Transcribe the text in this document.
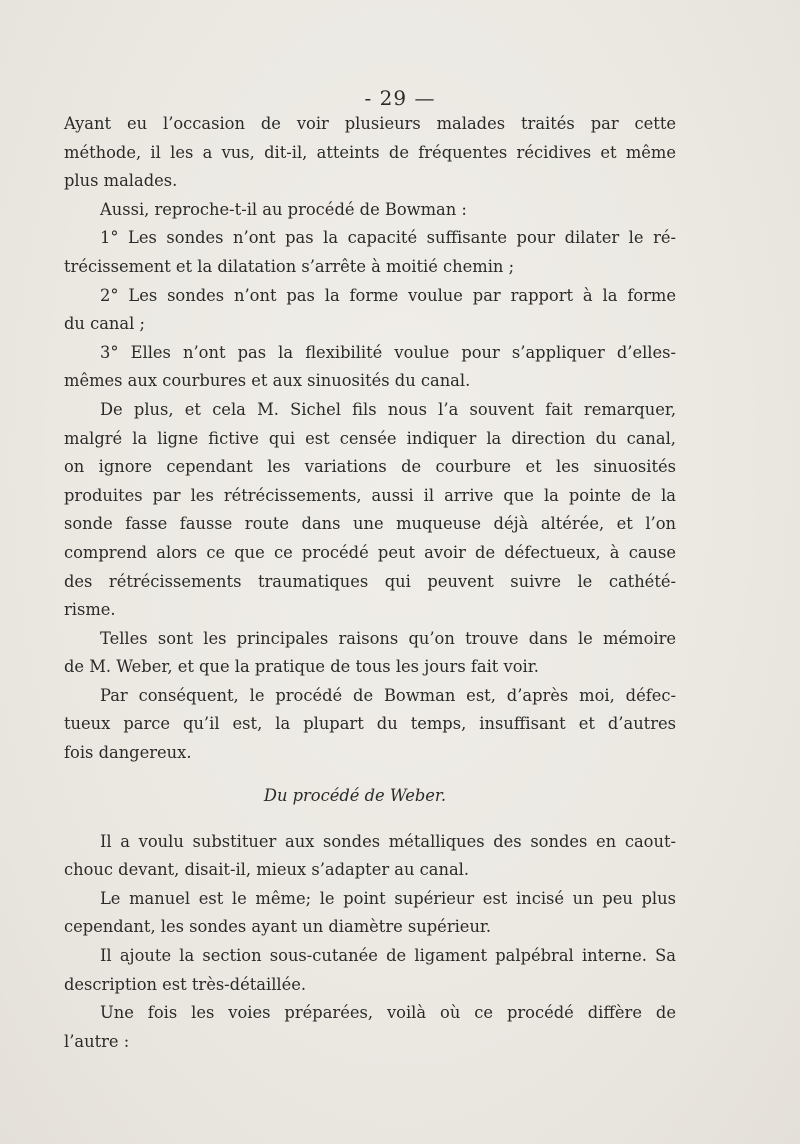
- 29 —
Ayant eu l’occasion de voir plusieurs malades traités par cette
méthode, il les a vus, dit-il, atteints de fréquentes récidives et même
plus malades.
Aussi, reproche-t-il au procédé de Bowman :
1° Les sondes n’ont pas la capacité suffisante pour dilater le ré-
trécissement et la dilatation s’arrête à moitié chemin ;
2° Les sondes n’ont pas la forme voulue par rapport à la forme
du canal ;
3° Elles n’ont pas la flexibilité voulue pour s’appliquer d’elles-
mêmes aux courbures et aux sinuosités du canal.
De plus, et cela M. Sichel fils nous l’a souvent fait remarquer,
malgré la ligne fictive qui est censée indiquer la direction du canal,
on ignore cependant les variations de courbure et les sinuosités
produites par les rétrécissements, aussi il arrive que la pointe de la
sonde fasse fausse route dans une muqueuse déjà altérée, et l’on
comprend alors ce que ce procédé peut avoir de défectueux, à cause
des rétrécissements traumatiques qui peuvent suivre le cathété-
risme.
Telles sont les principales raisons qu’on trouve dans le mémoire
de M. Weber, et que la pratique de tous les jours fait voir.
Par conséquent, le procédé de Bowman est, d’après moi, défec-
tueux parce qu’il est, la plupart du temps, insuffisant et d’autres
fois dangereux.
Du procédé de Weber.
Il a voulu substituer aux sondes métalliques des sondes en caout-
chouc devant, disait-il, mieux s’adapter au canal.
Le manuel est le même; le point supérieur est incisé un peu plus
cependant, les sondes ayant un diamètre supérieur.
Il ajoute la section sous-cutanée de ligament palpébral interne. Sa
description est très-détaillée.
Une fois les voies préparées, voilà où ce procédé diffère de
l’autre :
